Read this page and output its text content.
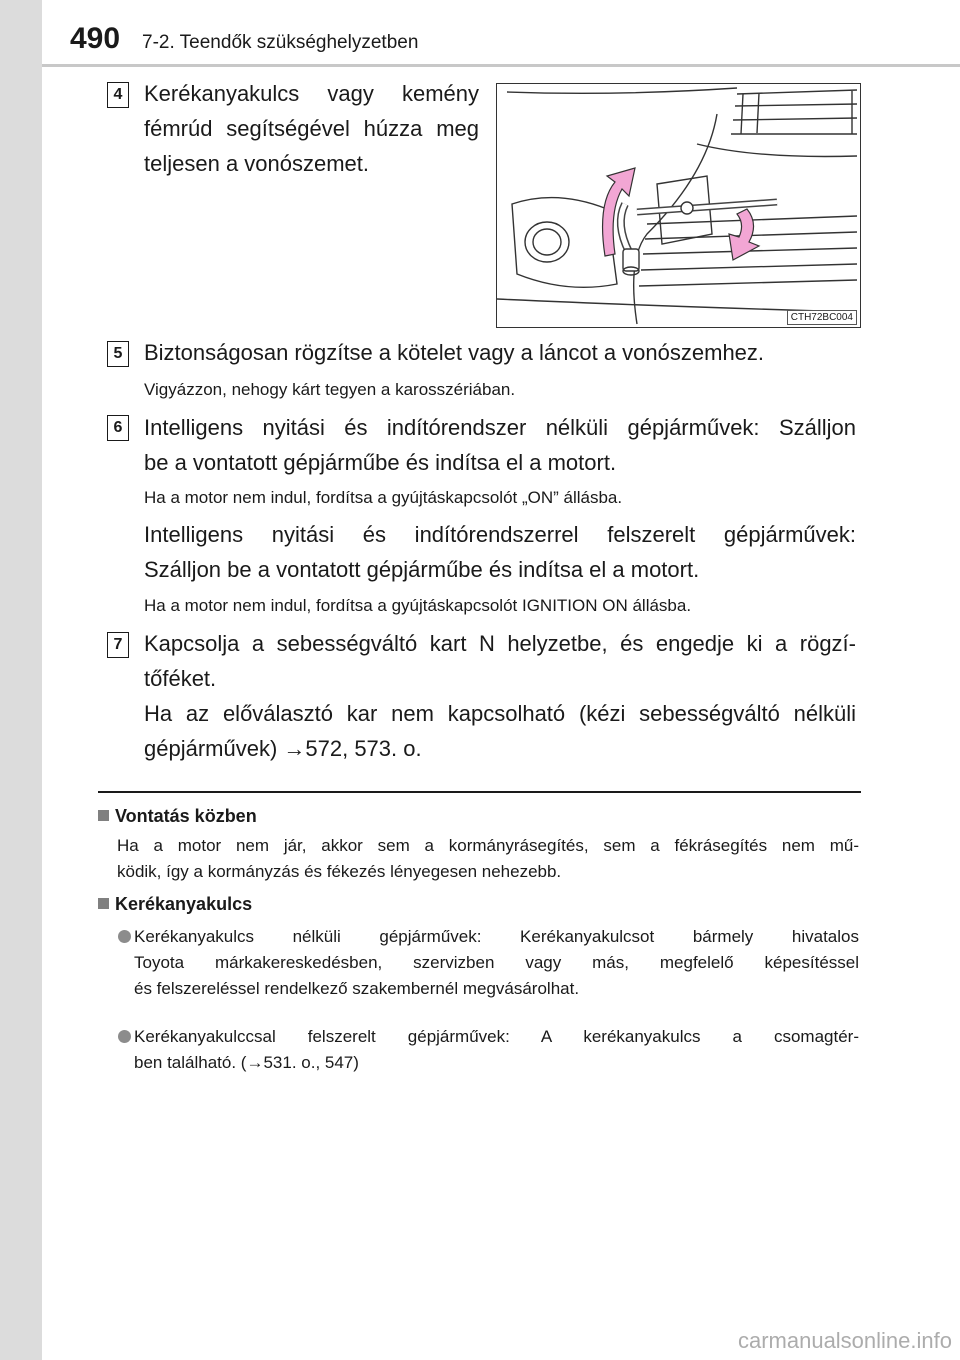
490 7-2. Teendők szükséghelyzetben
4 Kerékanyakulcs vagy kemény
fémrúd segítségével húzza meg
teljesen a vonószemet.
CTH72BC004
5 Biztonságosan rögzítse a kötelet vagy a láncot a vonószemhez.
Vigyázzon, nehogy kárt tegyen a karosszériában.
6 Intelligens nyitási és indítórendszer nélküli gépjárművek: Szálljon
be a vontatott gépjárműbe és indítsa el a motort.
Ha a motor nem indul, fordítsa a gyújtáskapcsolót „ON” állásba.
Intelligens nyitási és indítórendszerrel felszerelt gépjárművek:
Szálljon be a vontatott gépjárműbe és indítsa el a motort.
Ha a motor nem indul, fordítsa a gyújtáskapcsolót IGNITION ON állásba.
7 Kapcsolja a sebességváltó kart N helyzetbe, és engedje ki a rögzí-
tőféket.
Ha az előválasztó kar nem kapcsolható (kézi sebességváltó nélküli
gépjárművek) →572, 573. o.
Vontatás közben
Ha a motor nem jár, akkor sem a kormányrásegítés, sem a fékrásegítés nem mű-
ködik, így a kormányzás és fékezés lényegesen nehezebb.
Kerékanyakulcs
Kerékanyakulcs nélküli gépjárművek: Kerékanyakulcsot bármely hivatalos
Toyota márkakereskedésben, szervizben vagy más, megfelelő képesítéssel
és felszereléssel rendelkező szakembernél megvásárolhat.
Kerékanyakulccsal felszerelt gépjárművek: A kerékanyakulcs a csomagtér-
ben található. (→531. o., 547)
carmanualsonline.info
